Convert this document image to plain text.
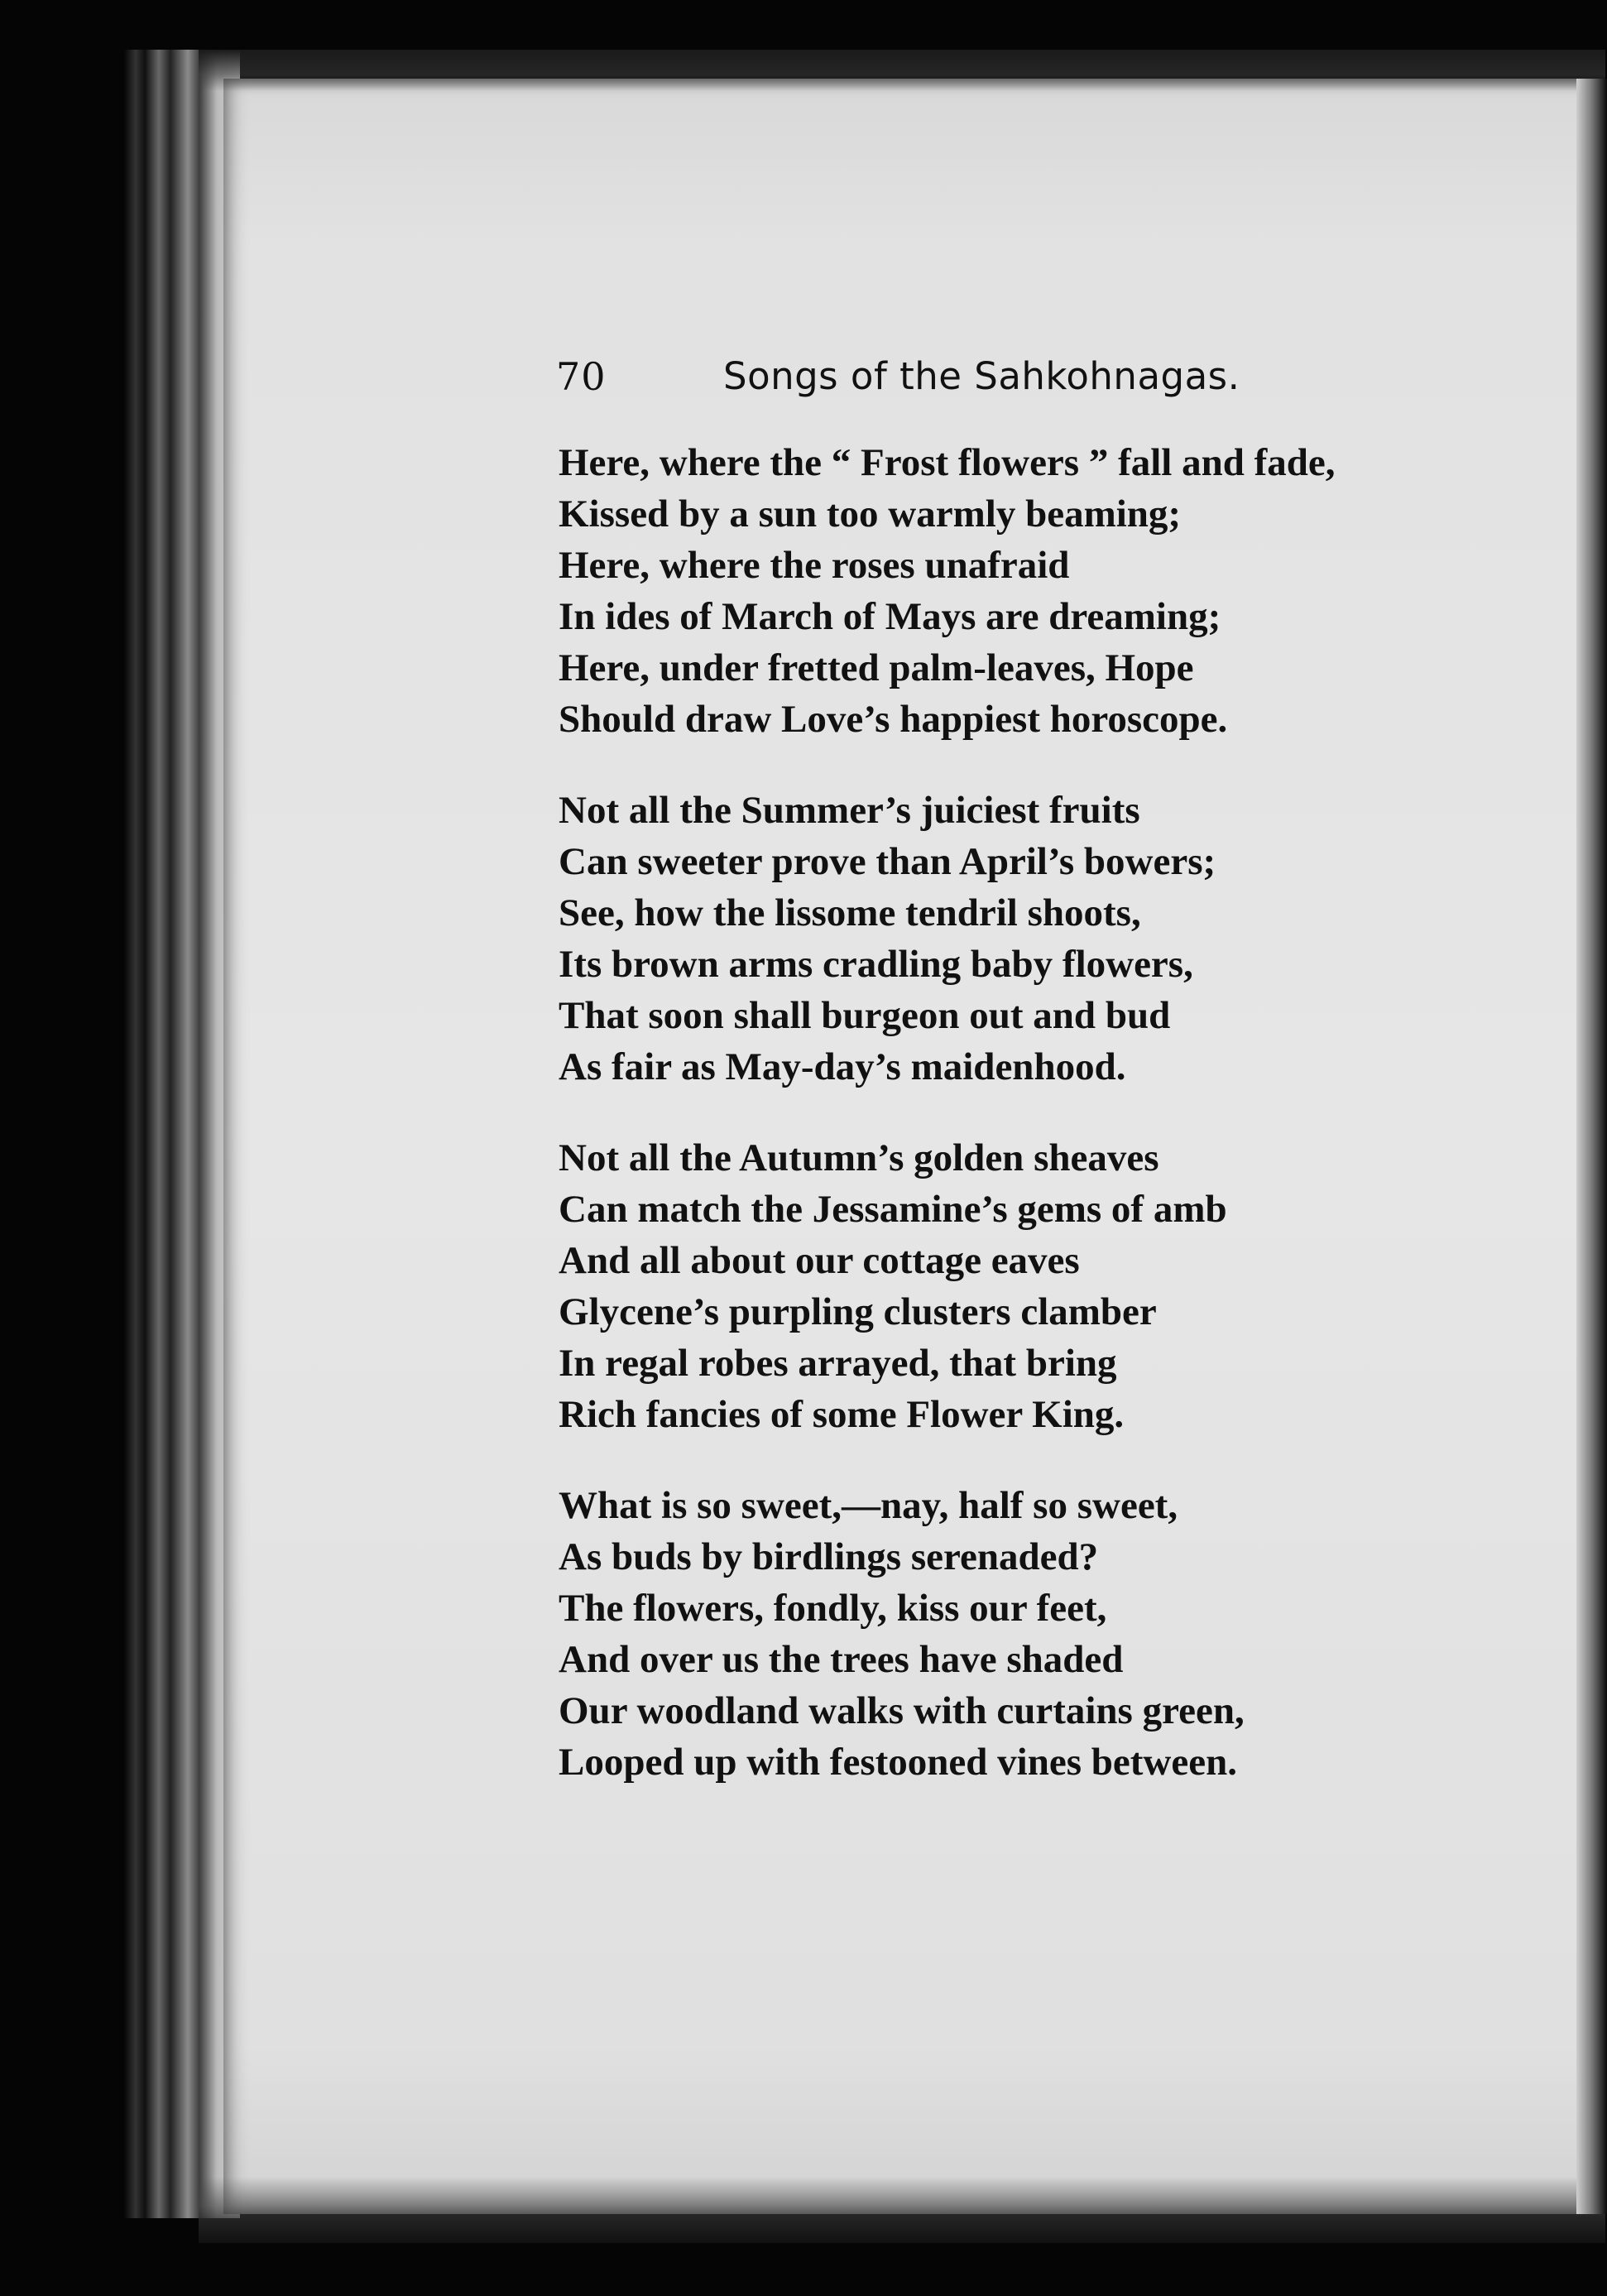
70	Songs of the Sahkohnagas.
Here, where the “ Frost flowers ” fall and fade,
Kissed by a sun too warmly beaming;
Here, where the roses unafraid
In ides of March of Mays are dreaming;
Here, under fretted palm-leaves, Hope
Should draw Love’s happiest horoscope.
Not all the Summer’s juiciest fruits
Can sweeter prove than April’s bowers;
See, how the lissome tendril shoots,
Its brown arms cradling baby flowers,
That soon shall burgeon out and bud
As fair as May-day’s maidenhood.
Not all the Autumn’s golden sheaves
Can match the Jessamine’s gems of amb
And all about our cottage eaves
Glycene’s purpling clusters clamber
In regal robes arrayed, that bring
Rich fancies of some Flower King.
What is so sweet,—nay, half so sweet,
As buds by birdlings serenaded?
The flowers, fondly, kiss our feet,
And over us the trees have shaded
Our woodland walks with curtains green,
Looped up with festooned vines between.
